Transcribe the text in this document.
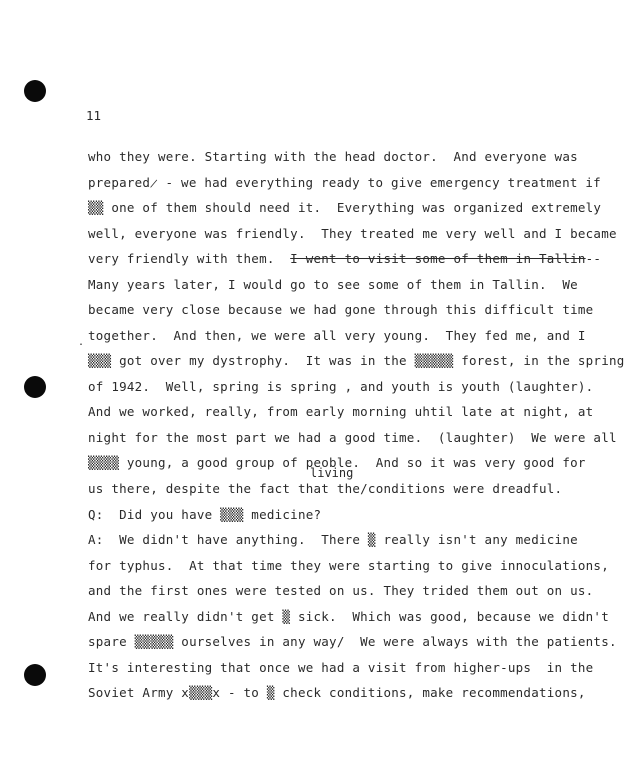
11
who they were. Starting with the head doctor.  And everyone was
prepared̷ - we had everything ready to give emergency treatment if
▒▒ one of them should need it.  Everything was organized extremely
well, everyone was friendly.  They treated me very well and I became
very friendly with them.  I went to visit some of them in Tallin--
Many years later, I would go to see some of them in Tallin.  We
became very close because we had gone through this difficult time
. together.  And then, we were all very young.  They fed me, and I
▒▒▒ got over my dystrophy.  It was in the ▒▒▒▒▒ forest, in the spring
of 1942.  Well, spring is spring , and youth is youth (laughter).
And we worked, really, from early morning uhtil late at night, at
night for the most part we had a good time.  (laughter)  We were all
▒▒▒▒ young, a good group of peoble.  And so it was very good for
living
us there, despite the fact that the/conditions were dreadful.
Q:  Did you have ▒▒▒ medicine?
A:  We didn't have anything.  There ▒ really isn't any medicine
for typhus.  At that time they were starting to give innoculations,
and the first ones were tested on us. They trided them out on us.
And we really didn't get ▒ sick.  Which was good, because we didn't
spare ▒▒▒▒▒ ourselves in any way/  We were always with the patients.
It's interesting that once we had a visit from higher-ups  in the
Soviet Army x▒▒▒x - to ▒ check conditions, make recommendations,
